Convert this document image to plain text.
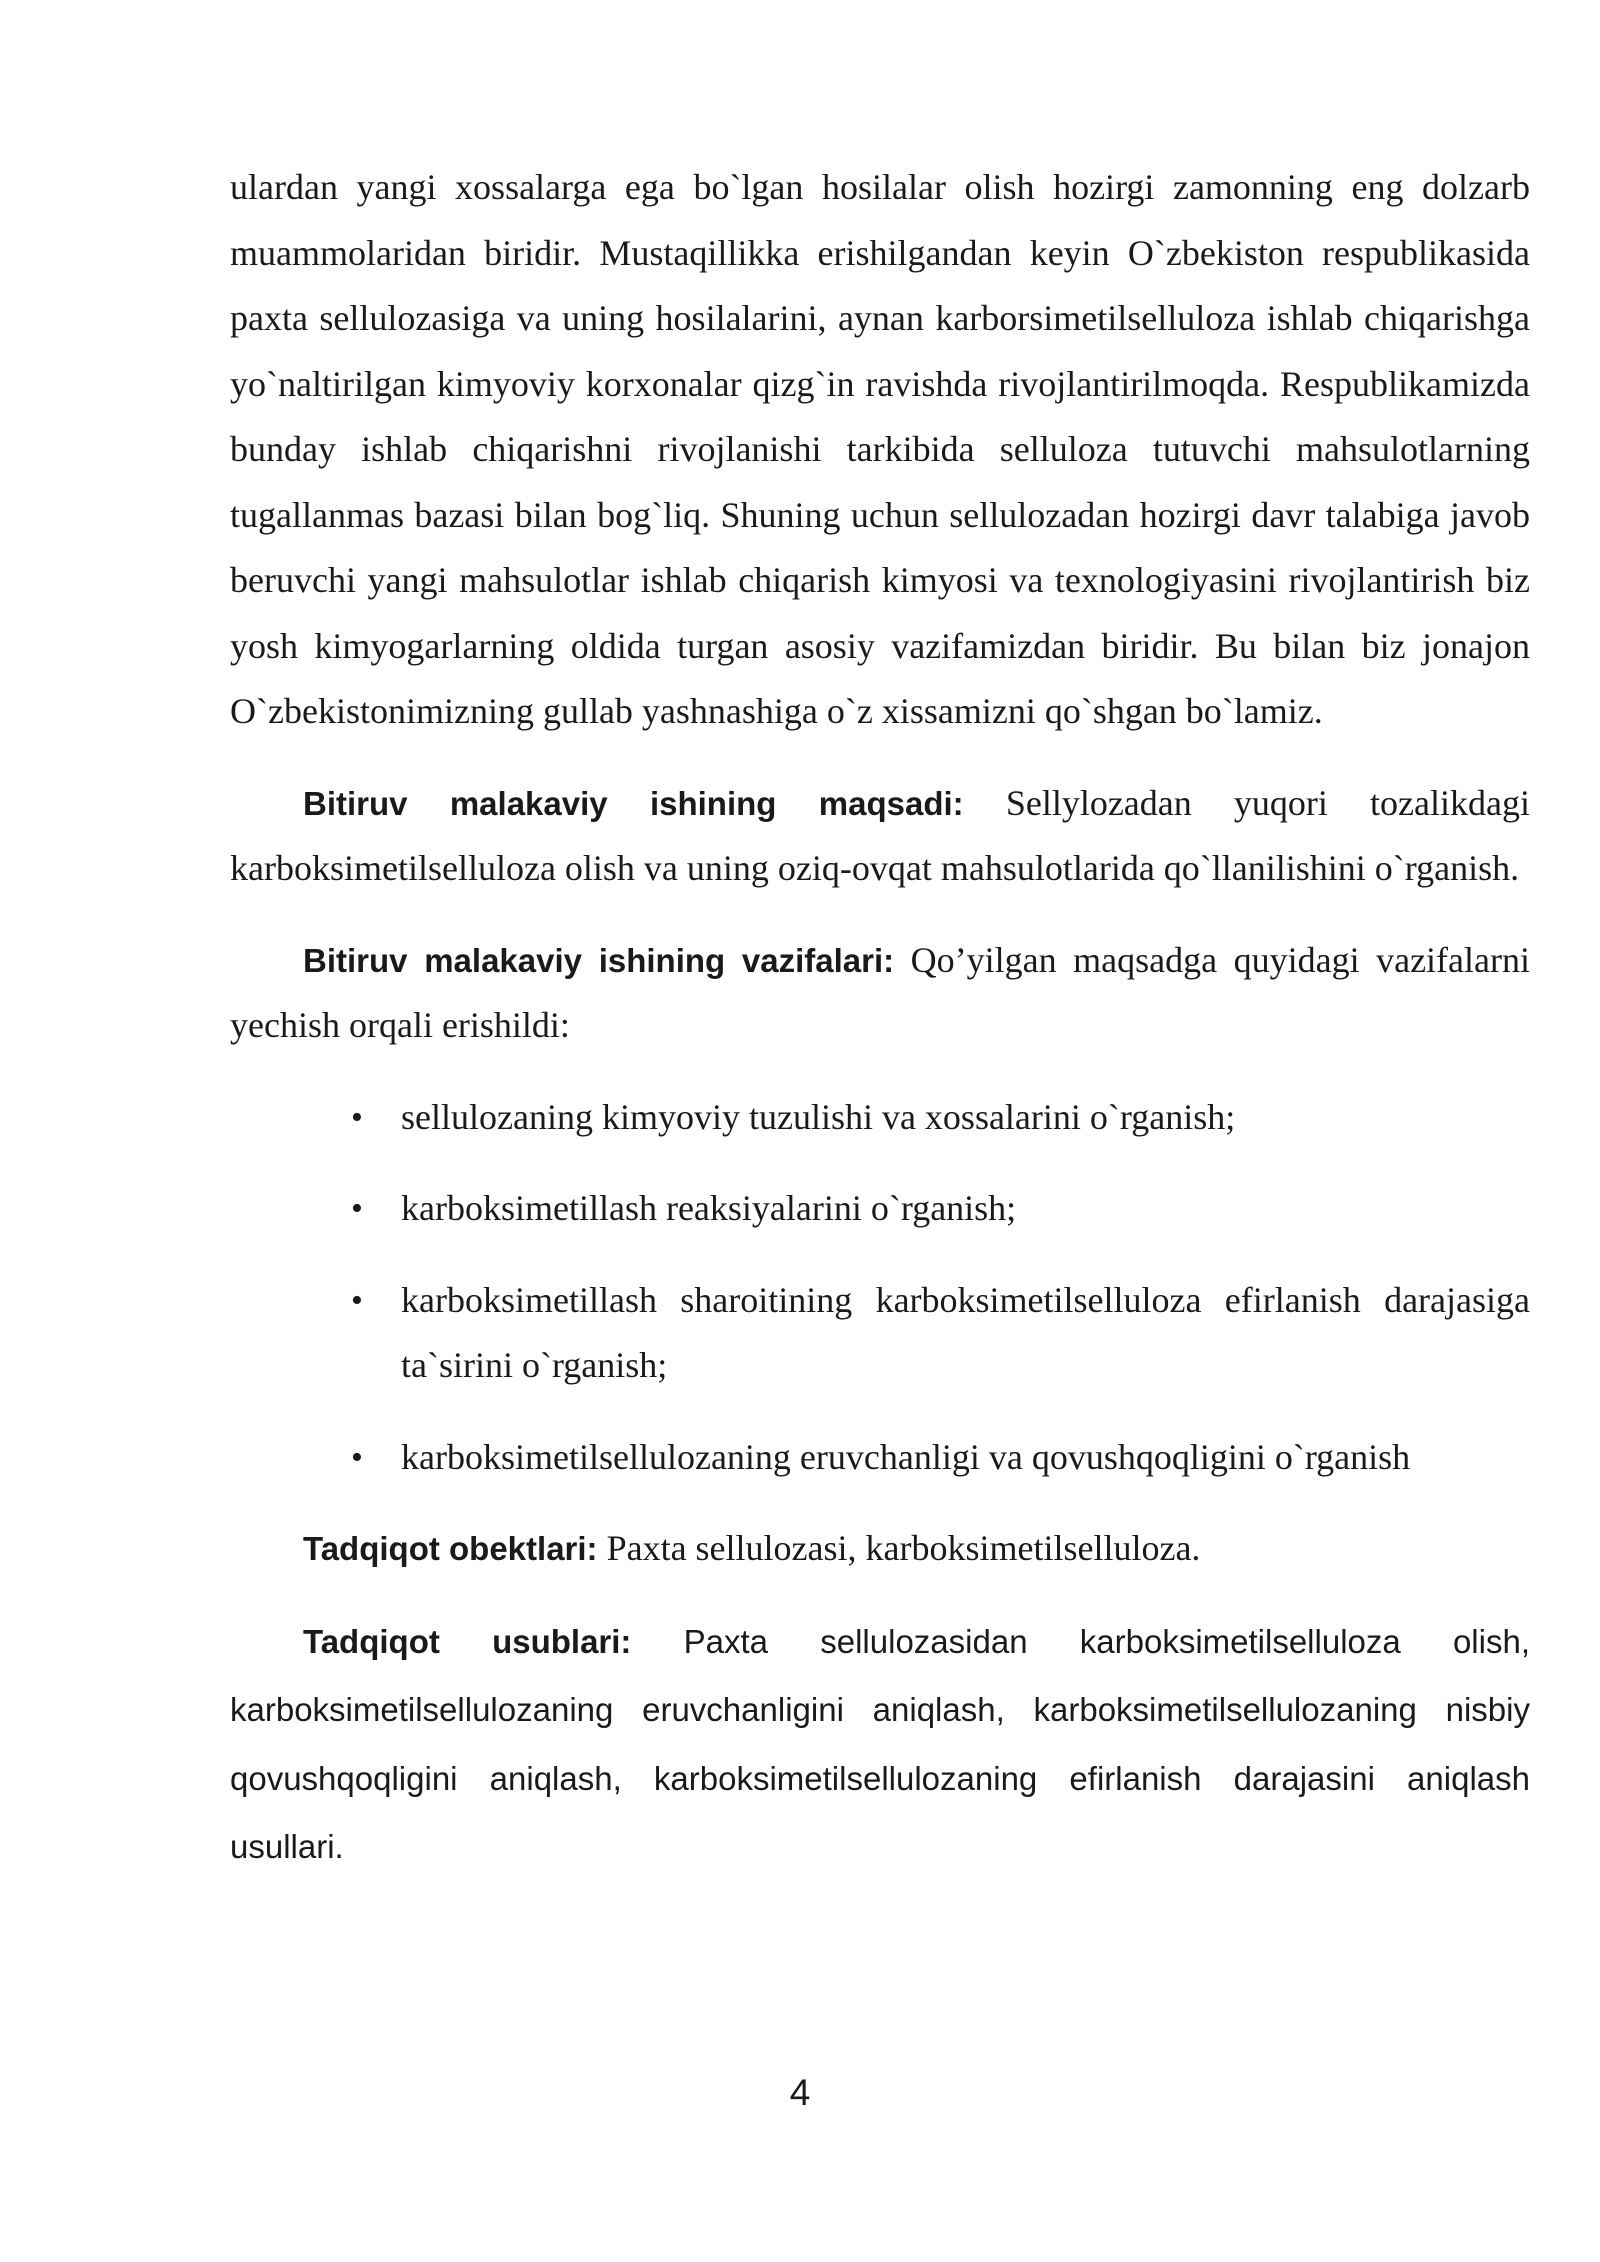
ulardan yangi xossalarga ega bo`lgan hosilalar olish hozirgi zamonning eng dolzarb muammolaridan biridir. Mustaqillikka erishilgandan keyin O`zbekiston respublikasida paxta sellulozasiga va uning hosilalarini, aynan karborsimetilselluloza ishlab chiqarishga yo`naltirilgan kimyoviy korxonalar qizg`in ravishda rivojlantirilmoqda. Respublikamizda bunday ishlab chiqarishni rivojlanishi tarkibida selluloza tutuvchi mahsulotlarning tugallanmas bazasi bilan bog`liq. Shuning uchun sellulozadan hozirgi davr talabiga javob beruvchi yangi mahsulotlar ishlab chiqarish kimyosi va texnologiyasini rivojlantirish biz yosh kimyogarlarning oldida turgan asosiy vazifamizdan biridir. Bu bilan biz jonajon O`zbekistonimizning gullab yashnashiga o`z xissamizni qo`shgan bo`lamiz.

Bitiruv malakaviy ishining maqsadi: Sellylozadan yuqori tozalikdagi karboksimetilselluloza olish va uning oziq-ovqat mahsulotlarida qo`llanilishini o`rganish.

Bitiruv malakaviy ishining vazifalari: Qo’yilgan maqsadga quyidagi vazifalarni yechish orqali erishildi:

• sellulozaning kimyoviy tuzulishi va xossalarini o`rganish;
• karboksimetillash reaksiyalarini o`rganish;
• karboksimetillash sharoitining karboksimetilselluloza efirlanish darajasiga ta`sirini o`rganish;
• karboksimetilsellulozaning eruvchanligi va qovushqoqligini o`rganish

Tadqiqot obektlari: Paxta sellulozasi, karboksimetilselluloza.

Tadqiqot usublari: Paxta sellulozasidan karboksimetilselluloza olish, karboksimetilsellulozaning eruvchanligini aniqlash, karboksimetilsellulozaning nisbiy qovushqoqligini aniqlash, karboksimetilsellulozaning efirlanish darajasini aniqlash usullari.

4
